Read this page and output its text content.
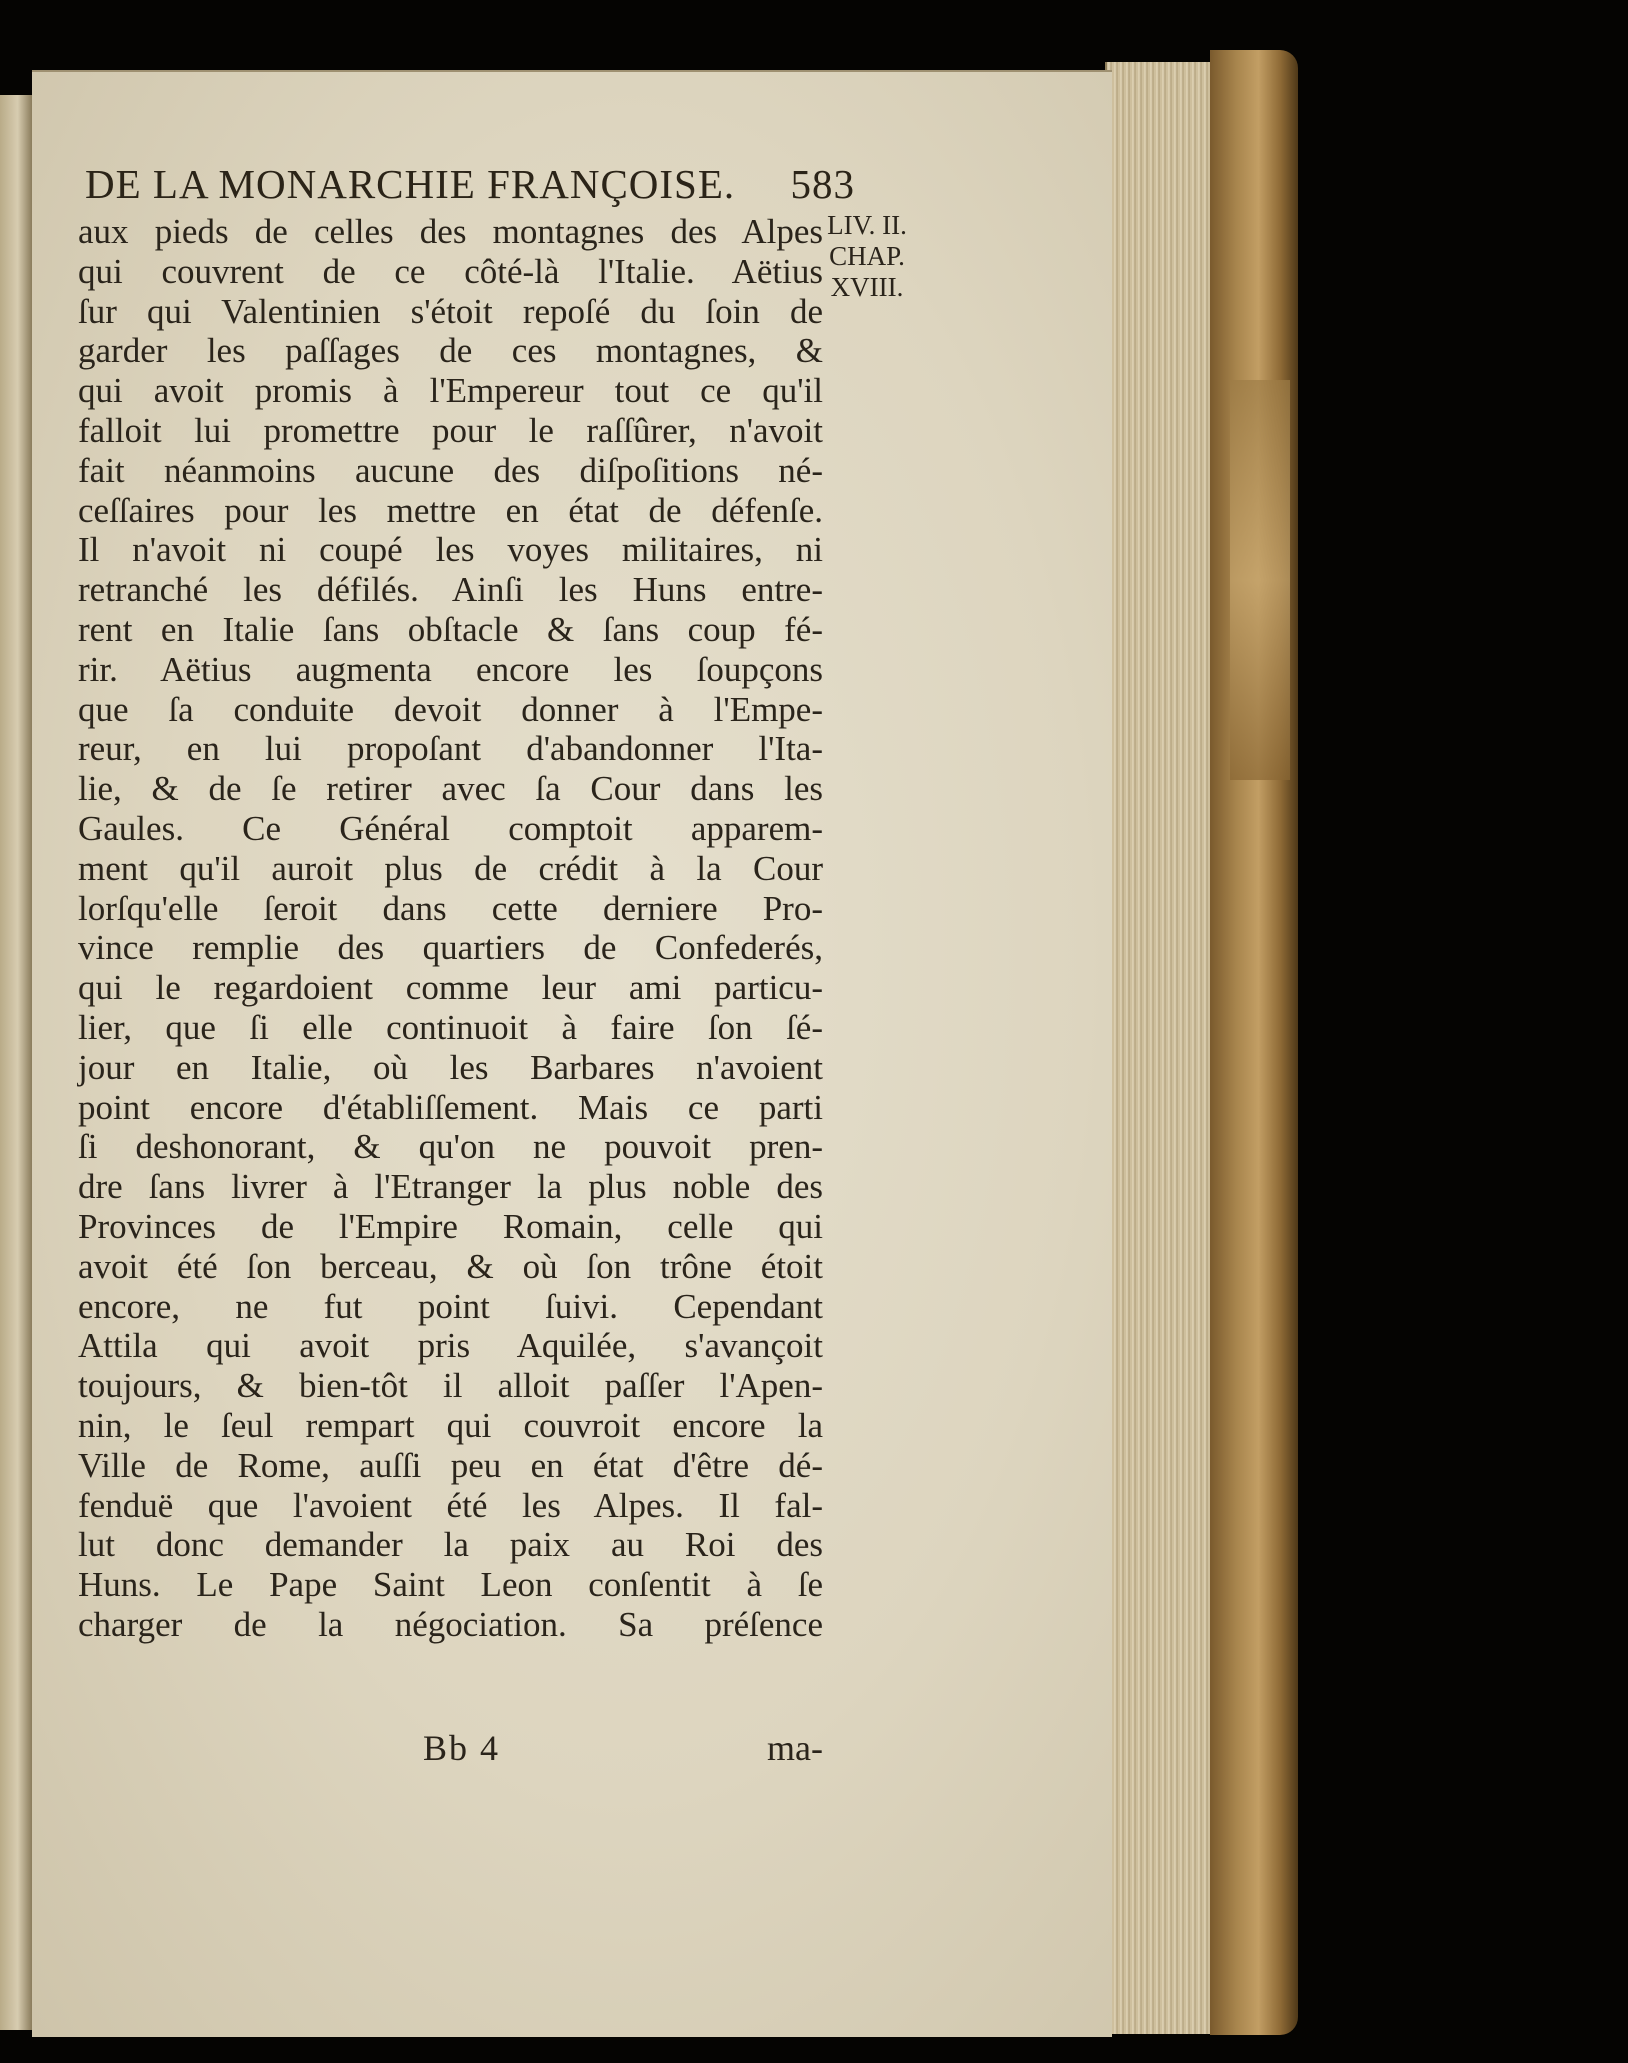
DE LA MONARCHIE FRANÇOISE. 583
aux pieds de celles des montagnes des Alpes
qui couvrent de ce côté-là l'Italie. Aëtius
ſur qui Valentinien s'étoit repoſé du ſoin de
garder les paſſages de ces montagnes, &
qui avoit promis à l'Empereur tout ce qu'il
falloit lui promettre pour le raſſûrer, n'avoit
fait néanmoins aucune des diſpoſitions né-
ceſſaires pour les mettre en état de défenſe.
Il n'avoit ni coupé les voyes militaires, ni
retranché les défilés. Ainſi les Huns entre-
rent en Italie ſans obſtacle & ſans coup fé-
rir. Aëtius augmenta encore les ſoupçons
que ſa conduite devoit donner à l'Empe-
reur, en lui propoſant d'abandonner l'Ita-
lie, & de ſe retirer avec ſa Cour dans les
Gaules. Ce Général comptoit apparem-
ment qu'il auroit plus de crédit à la Cour
lorſqu'elle ſeroit dans cette derniere Pro-
vince remplie des quartiers de Confederés,
qui le regardoient comme leur ami particu-
lier, que ſi elle continuoit à faire ſon ſé-
jour en Italie, où les Barbares n'avoient
point encore d'établiſſement. Mais ce parti
ſi deshonorant, & qu'on ne pouvoit pren-
dre ſans livrer à l'Etranger la plus noble des
Provinces de l'Empire Romain, celle qui
avoit été ſon berceau, & où ſon trône étoit
encore, ne fut point ſuivi. Cependant
Attila qui avoit pris Aquilée, s'avançoit
toujours, & bien-tôt il alloit paſſer l'Apen-
nin, le ſeul rempart qui couvroit encore la
Ville de Rome, auſſi peu en état d'être dé-
fenduë que l'avoient été les Alpes. Il fal-
lut donc demander la paix au Roi des
Huns. Le Pape Saint Leon conſentit à ſe
charger de la négociation. Sa préſence
LIV. II.
CHAP.
XVIII.
Bb 4	ma-
